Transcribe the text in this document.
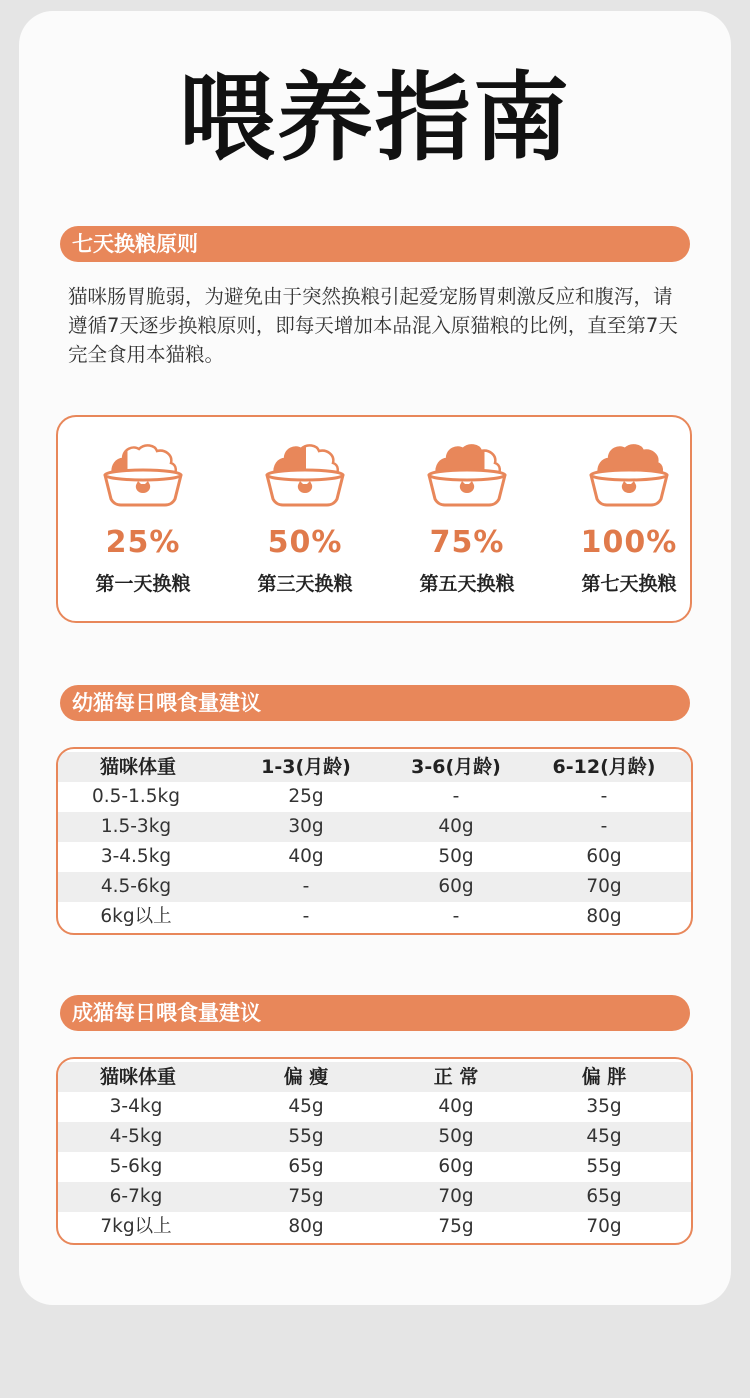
喂养指南
七天换粮原则
猫咪肠胃脆弱，为避免由于突然换粮引起爱宠肠胃刺激反应和腹泻，请遵循7天逐步换粮原则，即每天增加本品混入原猫粮的比例，直至第7天完全食用本猫粮。
25%
第一天换粮
50%
第三天换粮
75%
第五天换粮
100%
第七天换粮
幼猫每日喂食量建议
猫咪体重	1-3(月龄)	3-6(月龄)	6-12(月龄)
0.5-1.5kg	25g	-	-
1.5-3kg	30g	40g	-
3-4.5kg	40g	50g	60g
4.5-6kg	-	60g	70g
6kg以上	-	-	80g
成猫每日喂食量建议
猫咪体重	偏 瘦	正 常	偏 胖
3-4kg	45g	40g	35g
4-5kg	55g	50g	45g
5-6kg	65g	60g	55g
6-7kg	75g	70g	65g
7kg以上	80g	75g	70g
